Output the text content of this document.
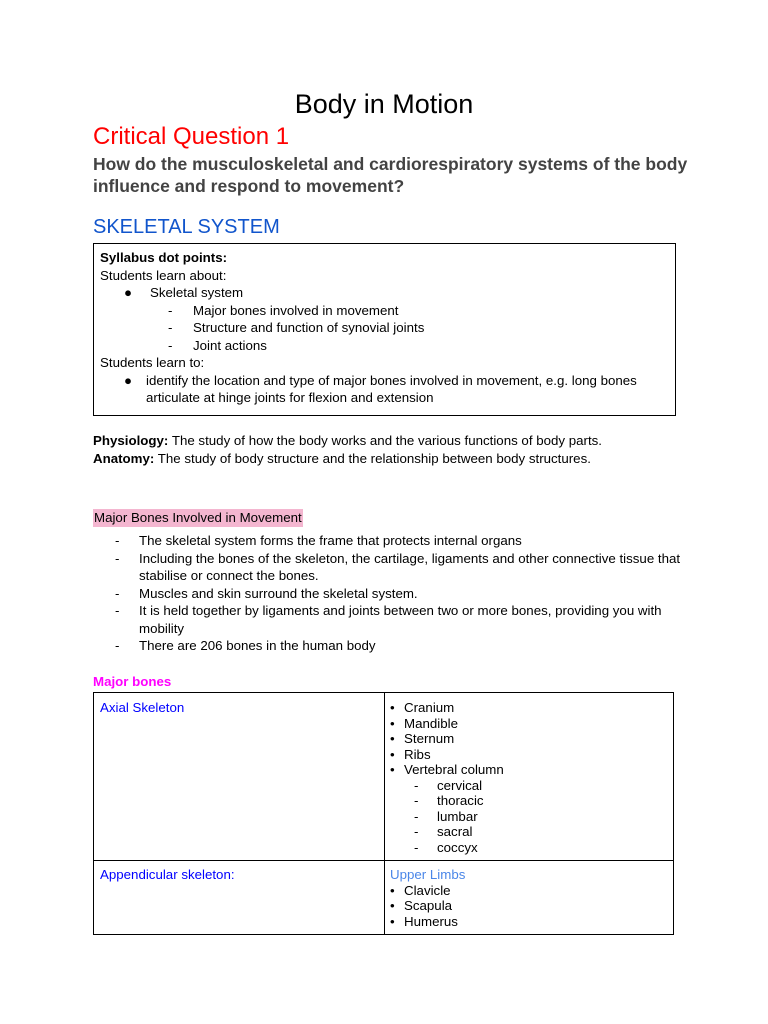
Body in Motion
Critical Question 1
How do the musculoskeletal and cardiorespiratory systems of the body influence and respond to movement?
SKELETAL SYSTEM
Syllabus dot points:
Students learn about:
● Skeletal system
- Major bones involved in movement
- Structure and function of synovial joints
- Joint actions
Students learn to:
● identify the location and type of major bones involved in movement, e.g. long bones articulate at hinge joints for flexion and extension
Physiology: The study of how the body works and the various functions of body parts.
Anatomy: The study of body structure and the relationship between body structures.
Major Bones Involved in Movement
- The skeletal system forms the frame that protects internal organs
- Including the bones of the skeleton, the cartilage, ligaments and other connective tissue that stabilise or connect the bones.
- Muscles and skin surround the skeletal system.
- It is held together by ligaments and joints between two or more bones, providing you with mobility
- There are 206 bones in the human body
Major bones
Axial Skeleton	• Cranium
• Mandible
• Sternum
• Ribs
• Vertebral column
- cervical
- thoracic
- lumbar
- sacral
- coccyx
Appendicular skeleton:	Upper Limbs
• Clavicle
• Scapula
• Humerus
